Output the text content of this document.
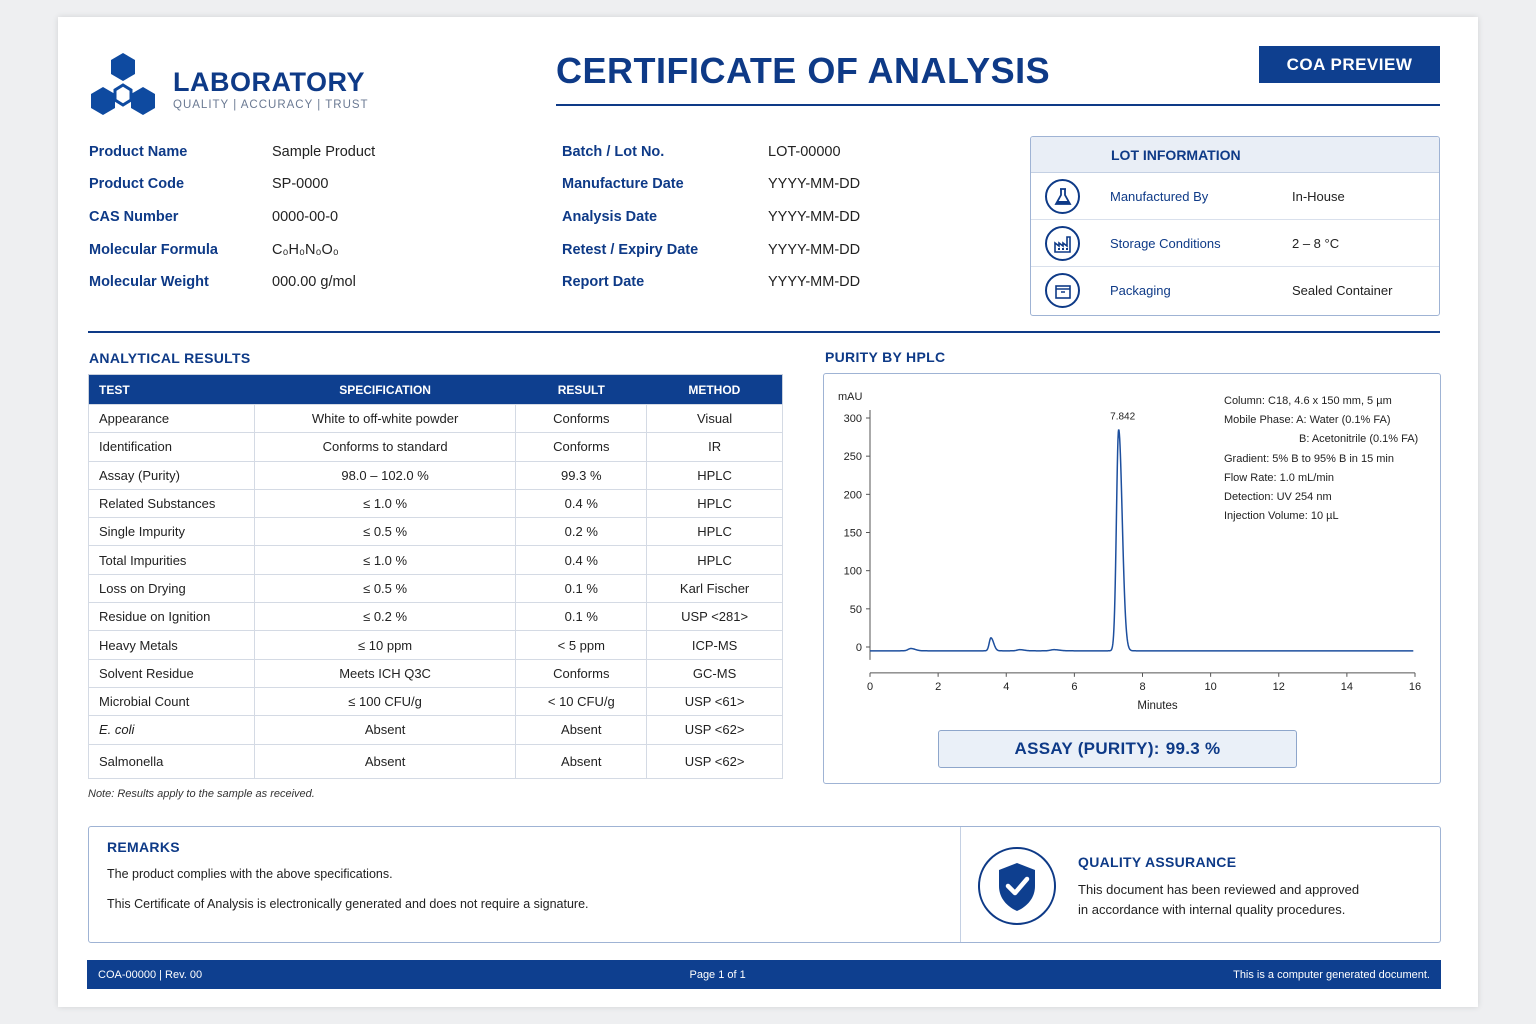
LABORATORY
QUALITY | ACCURACY | TRUST
CERTIFICATE OF ANALYSIS	COA PREVIEW
Product Name	Sample Product
Product Code	SP-0000
CAS Number	0000-00-0
Molecular Formula	C₀H₀N₀O₀
Molecular Weight	000.00 g/mol
Batch / Lot No.	LOT-00000
Manufacture Date	YYYY-MM-DD
Analysis Date	YYYY-MM-DD
Retest / Expiry Date	YYYY-MM-DD
Report Date	YYYY-MM-DD
LOT INFORMATION
Manufactured By	In-House
Storage Conditions	2 – 8 °C
Packaging	Sealed Container
ANALYTICAL RESULTS
TEST	SPECIFICATION	RESULT	METHOD
Appearance	White to off-white powder	Conforms	Visual
Identification	Conforms to standard	Conforms	IR
Assay (Purity)	98.0 – 102.0 %	99.3 %	HPLC
Related Substances	≤ 1.0 %	0.4 %	HPLC
Single Impurity	≤ 0.5 %	0.2 %	HPLC
Total Impurities	≤ 1.0 %	0.4 %	HPLC
Loss on Drying	≤ 0.5 %	0.1 %	Karl Fischer
Residue on Ignition	≤ 0.2 %	0.1 %	USP <281>
Heavy Metals	≤ 10 ppm	< 5 ppm	ICP-MS
Solvent Residue	Meets ICH Q3C	Conforms	GC-MS
Microbial Count	≤ 100 CFU/g	< 10 CFU/g	USP <61>
E. coli	Absent	Absent	USP <62>
Salmonella	Absent	Absent	USP <62>
Note: Results apply to the sample as received.
PURITY BY HPLC
0
50
100
150
200
250
300
0	2	4	6	8	10	12	14	16
mAU
Minutes
7.842
Column: C18, 4.6 x 150 mm, 5 µm
Mobile Phase: A: Water (0.1% FA)
B: Acetonitrile (0.1% FA)
Gradient: 5% B to 95% B in 15 min
Flow Rate: 1.0 mL/min
Detection: UV 254 nm
Injection Volume: 10 µL
ASSAY (PURITY): 99.3 %
REMARKS
The product complies with the above specifications.
This Certificate of Analysis is electronically generated and does not require a signature.
QUALITY ASSURANCE
This document has been reviewed and approved
in accordance with internal quality procedures.
COA-00000 | Rev. 00	Page 1 of 1	This is a computer generated document.
